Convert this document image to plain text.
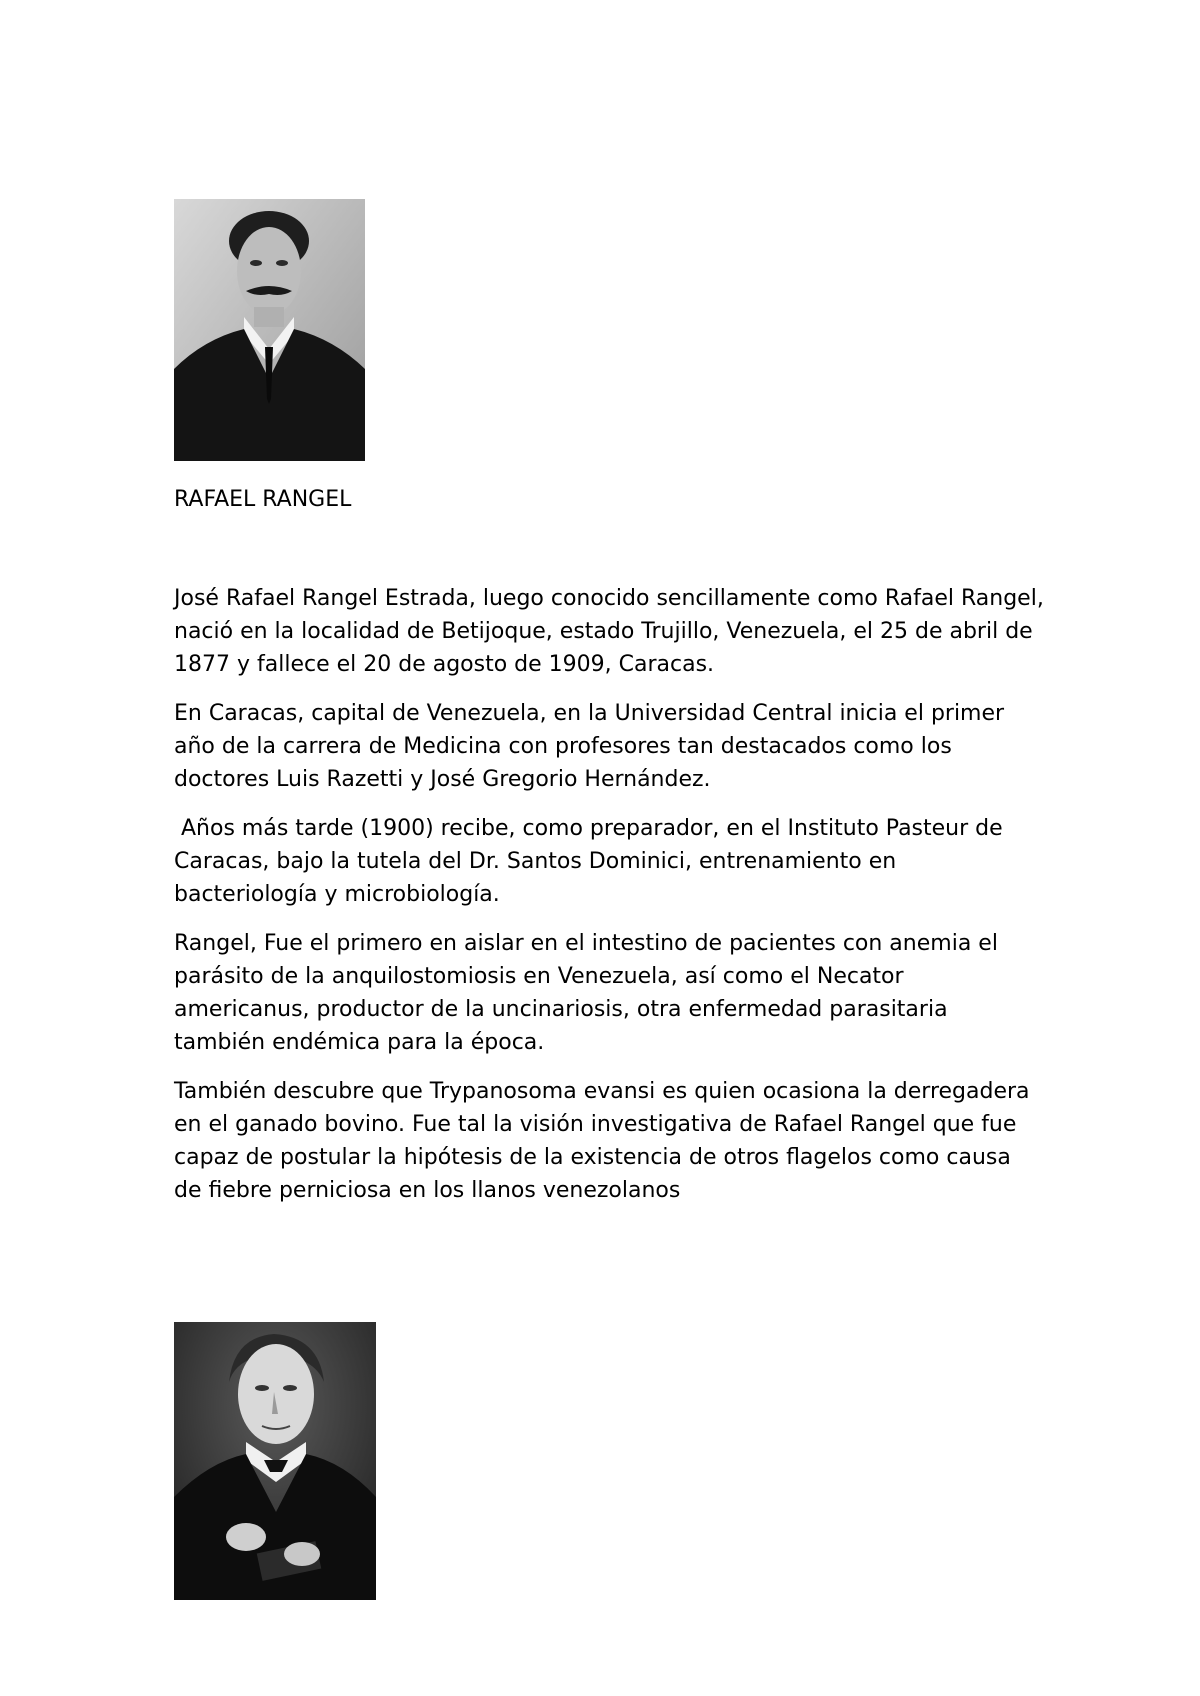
RAFAEL RANGEL

José Rafael Rangel Estrada, luego conocido sencillamente como Rafael Rangel, nació en la localidad de Betijoque, estado Trujillo, Venezuela, el 25 de abril de 1877 y fallece el 20 de agosto de 1909, Caracas.

En Caracas, capital de Venezuela, en la Universidad Central inicia el primer año de la carrera de Medicina con profesores tan destacados como los doctores Luis Razetti y José Gregorio Hernández.

Años más tarde (1900) recibe, como preparador, en el Instituto Pasteur de Caracas, bajo la tutela del Dr. Santos Dominici, entrenamiento en bacteriología y microbiología.

Rangel, Fue el primero en aislar en el intestino de pacientes con anemia el parásito de la anquilostomiosis en Venezuela, así como el Necator americanus, productor de la uncinariosis, otra enfermedad parasitaria también endémica para la época.

También descubre que Trypanosoma evansi es quien ocasiona la derregadera en el ganado bovino. Fue tal la visión investigativa de Rafael Rangel que fue capaz de postular la hipótesis de la existencia de otros flagelos como causa de fiebre perniciosa en los llanos venezolanos
